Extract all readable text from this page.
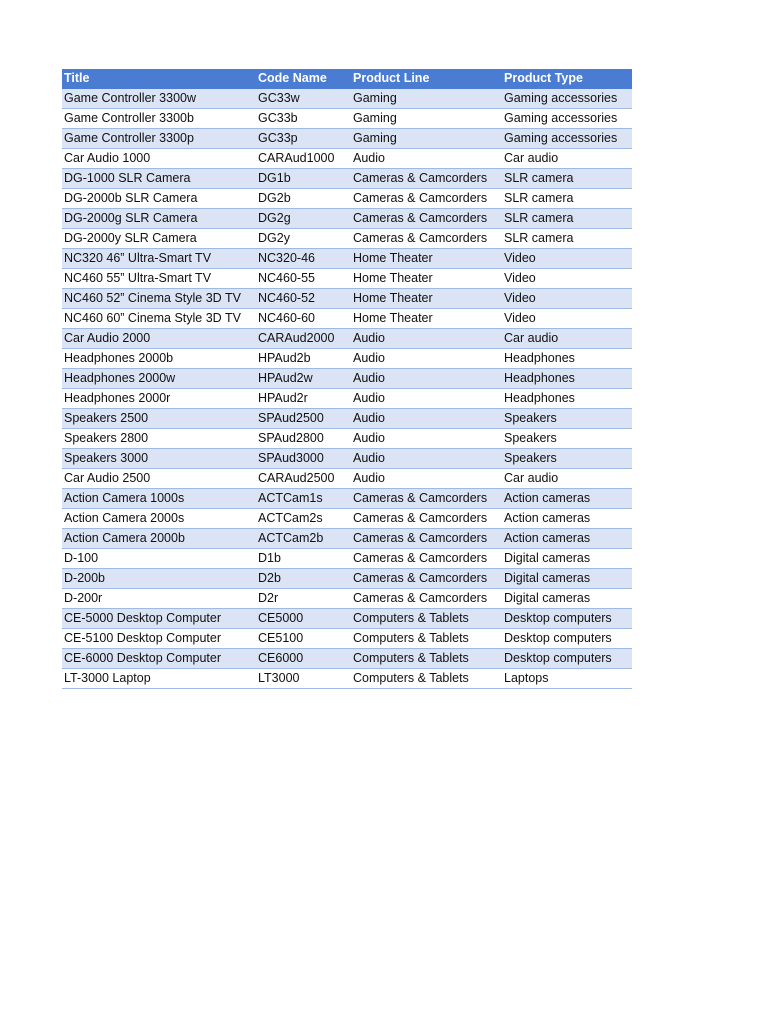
Title	Code Name	Product Line	Product Type
Game Controller 3300w	GC33w	Gaming	Gaming accessories
Game Controller 3300b	GC33b	Gaming	Gaming accessories
Game Controller 3300p	GC33p	Gaming	Gaming accessories
Car Audio 1000	CARAud1000	Audio	Car audio
DG-1000 SLR Camera	DG1b	Cameras & Camcorders	SLR camera
DG-2000b SLR Camera	DG2b	Cameras & Camcorders	SLR camera
DG-2000g SLR Camera	DG2g	Cameras & Camcorders	SLR camera
DG-2000y SLR Camera	DG2y	Cameras & Camcorders	SLR camera
NC320 46” Ultra-Smart TV	NC320-46	Home Theater	Video
NC460 55” Ultra-Smart TV	NC460-55	Home Theater	Video
NC460 52” Cinema Style 3D TV	NC460-52	Home Theater	Video
NC460 60” Cinema Style 3D TV	NC460-60	Home Theater	Video
Car Audio 2000	CARAud2000	Audio	Car audio
Headphones 2000b	HPAud2b	Audio	Headphones
Headphones 2000w	HPAud2w	Audio	Headphones
Headphones 2000r	HPAud2r	Audio	Headphones
Speakers 2500	SPAud2500	Audio	Speakers
Speakers 2800	SPAud2800	Audio	Speakers
Speakers 3000	SPAud3000	Audio	Speakers
Car Audio 2500	CARAud2500	Audio	Car audio
Action Camera 1000s	ACTCam1s	Cameras & Camcorders	Action cameras
Action Camera 2000s	ACTCam2s	Cameras & Camcorders	Action cameras
Action Camera 2000b	ACTCam2b	Cameras & Camcorders	Action cameras
D-100	D1b	Cameras & Camcorders	Digital cameras
D-200b	D2b	Cameras & Camcorders	Digital cameras
D-200r	D2r	Cameras & Camcorders	Digital cameras
CE-5000 Desktop Computer	CE5000	Computers & Tablets	Desktop computers
CE-5100 Desktop Computer	CE5100	Computers & Tablets	Desktop computers
CE-6000 Desktop Computer	CE6000	Computers & Tablets	Desktop computers
LT-3000 Laptop	LT3000	Computers & Tablets	Laptops
